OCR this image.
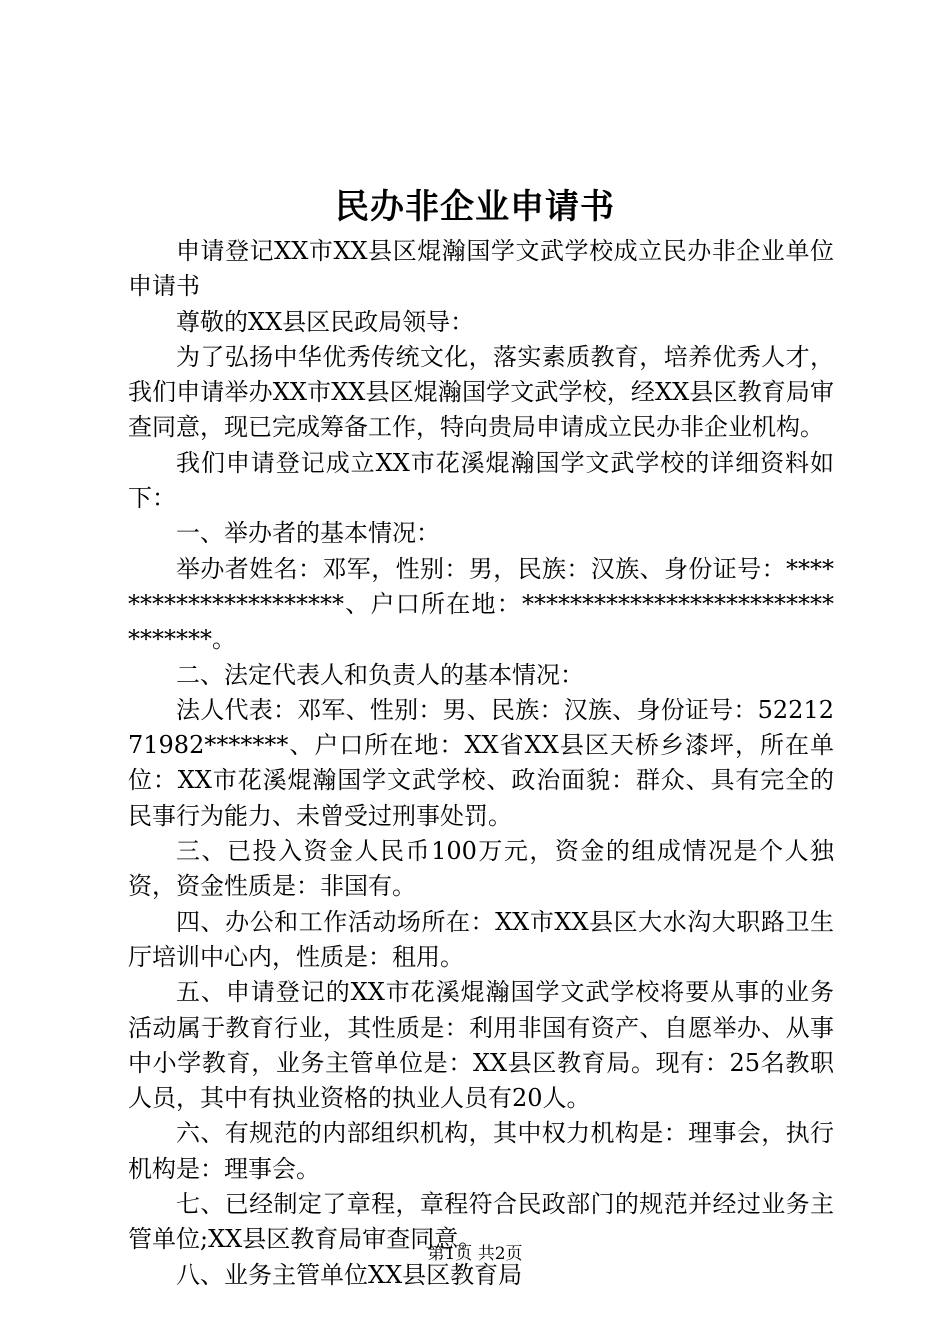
民办非企业申请书

申请登记XX市XX县区焜瀚国学文武学校成立民办非企业单位申请书

尊敬的XX县区民政局领导：

为了弘扬中华优秀传统文化，落实素质教育，培养优秀人才，我们申请举办XX市XX县区焜瀚国学文武学校，经XX县区教育局审查同意，现已完成筹备工作，特向贵局申请成立民办非企业机构。

我们申请登记成立XX市花溪焜瀚国学文武学校的详细资料如下：

一、举办者的基本情况：

举办者姓名：邓军，性别：男，民族：汉族、身份证号：**********************、户口所在地：*********************************。

二、法定代表人和负责人的基本情况：

法人代表：邓军、性别：男、民族：汉族、身份证号：5221271982*******、户口所在地：XX省XX县区天桥乡漆坪，所在单位：XX市花溪焜瀚国学文武学校、政治面貌：群众、具有完全的民事行为能力、未曾受过刑事处罚。

三、已投入资金人民币100万元，资金的组成情况是个人独资，资金性质是：非国有。

四、办公和工作活动场所在：XX市XX县区大水沟大职路卫生厅培训中心内，性质是：租用。

五、申请登记的XX市花溪焜瀚国学文武学校将要从事的业务活动属于教育行业，其性质是：利用非国有资产、自愿举办、从事中小学教育，业务主管单位是：XX县区教育局。现有：25名教职人员，其中有执业资格的执业人员有20人。

六、有规范的内部组织机构，其中权力机构是：理事会，执行机构是：理事会。

七、已经制定了章程，章程符合民政部门的规范并经过业务主管单位;XX县区教育局审查同意。

八、业务主管单位XX县区教育局

第1页 共2页
